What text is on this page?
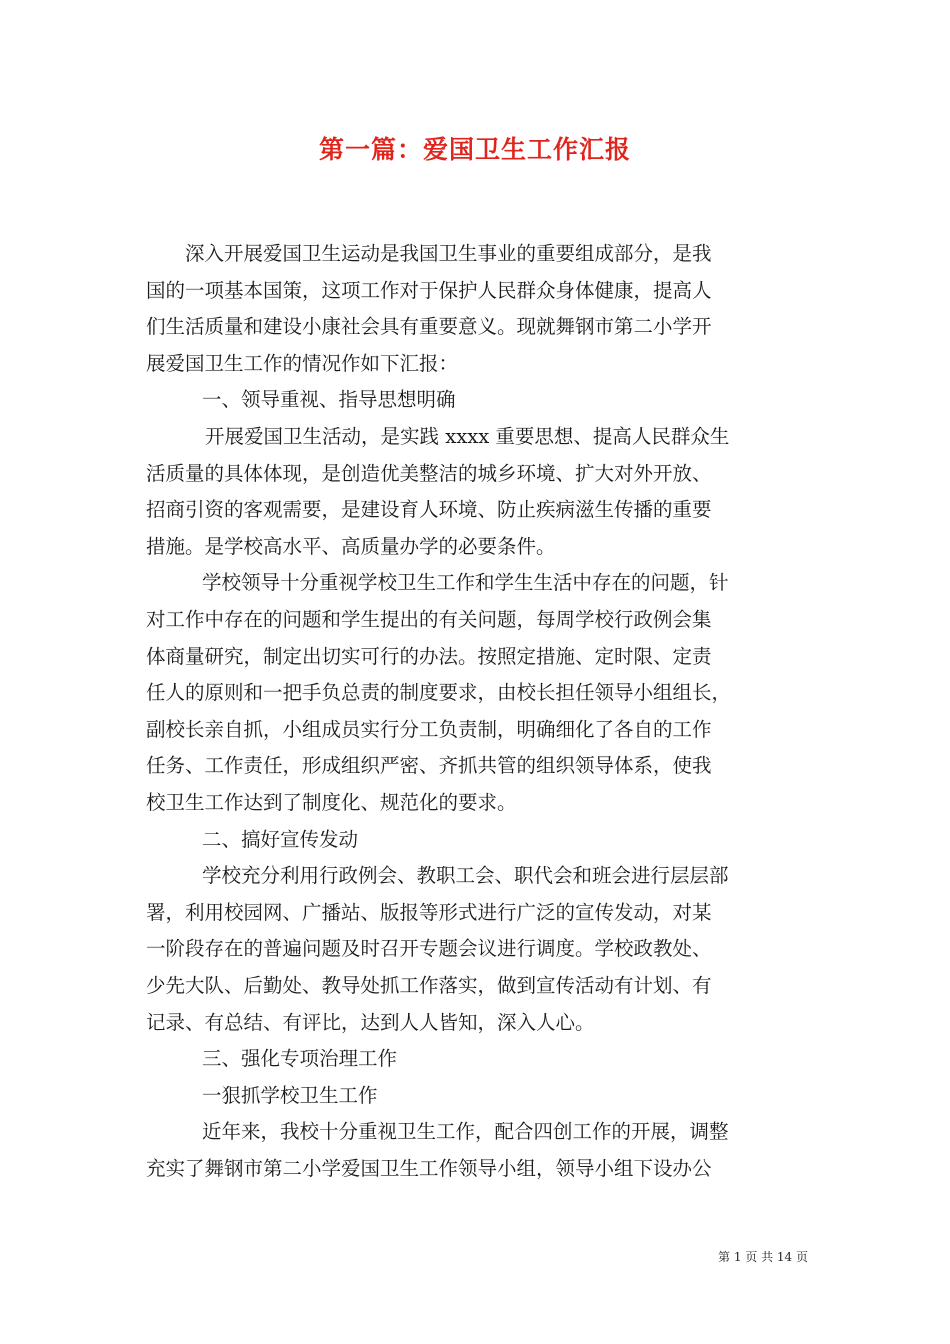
第一篇：爱国卫生工作汇报
深入开展爱国卫生运动是我国卫生事业的重要组成部分，是我
国的一项基本国策，这项工作对于保护人民群众身体健康，提高人
们生活质量和建设小康社会具有重要意义。现就舞钢市第二小学开
展爱国卫生工作的情况作如下汇报：
一、领导重视、指导思想明确
开展爱国卫生活动，是实践 xxxx 重要思想、提高人民群众生
活质量的具体体现，是创造优美整洁的城乡环境、扩大对外开放、
招商引资的客观需要，是建设育人环境、防止疾病滋生传播的重要
措施。是学校高水平、高质量办学的必要条件。
学校领导十分重视学校卫生工作和学生生活中存在的问题，针
对工作中存在的问题和学生提出的有关问题，每周学校行政例会集
体商量研究，制定出切实可行的办法。按照定措施、定时限、定责
任人的原则和一把手负总责的制度要求，由校长担任领导小组组长，
副校长亲自抓，小组成员实行分工负责制，明确细化了各自的工作
任务、工作责任，形成组织严密、齐抓共管的组织领导体系，使我
校卫生工作达到了制度化、规范化的要求。
二、搞好宣传发动
学校充分利用行政例会、教职工会、职代会和班会进行层层部
署，利用校园网、广播站、版报等形式进行广泛的宣传发动，对某
一阶段存在的普遍问题及时召开专题会议进行调度。学校政教处、
少先大队、后勤处、教导处抓工作落实，做到宣传活动有计划、有
记录、有总结、有评比，达到人人皆知，深入人心。
三、强化专项治理工作
一狠抓学校卫生工作
近年来，我校十分重视卫生工作，配合四创工作的开展，调整
充实了舞钢市第二小学爱国卫生工作领导小组，领导小组下设办公
第 1 页 共 14 页
